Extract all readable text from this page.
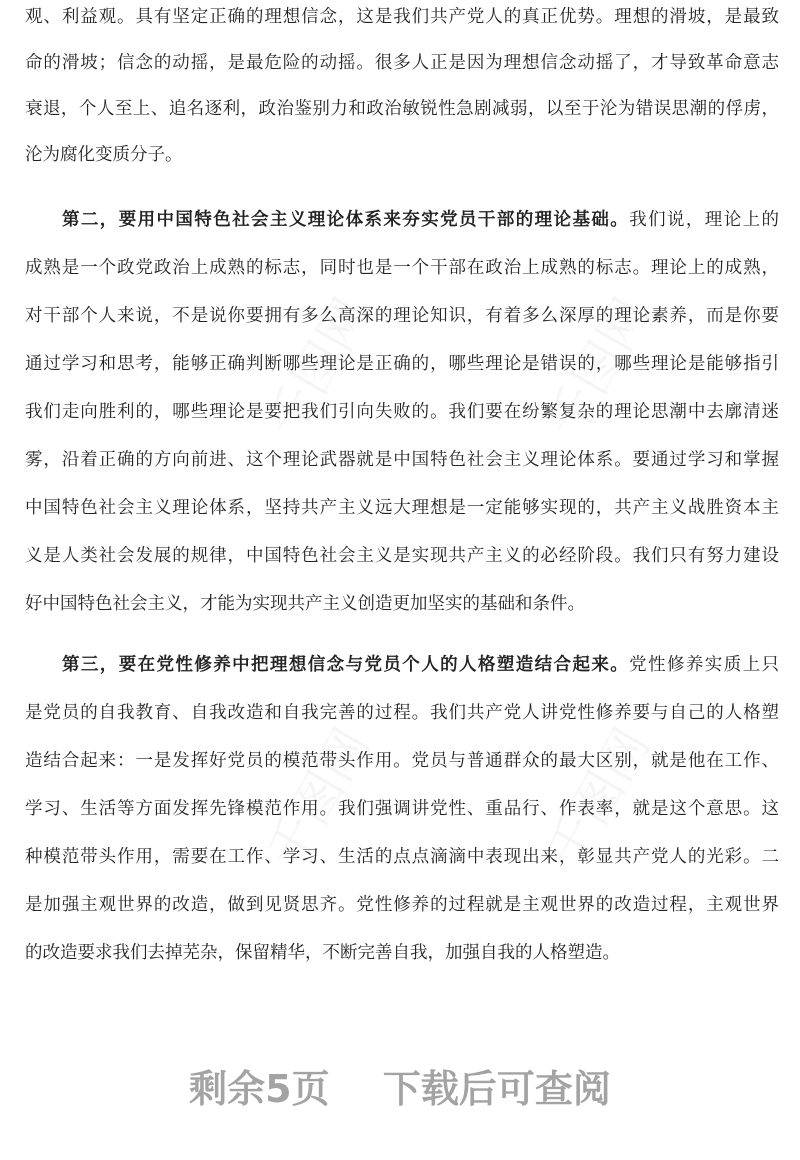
观、利益观。具有坚定正确的理想信念，这是我们共产党人的真正优势。理想的滑坡，是最致
命的滑坡；信念的动摇，是最危险的动摇。很多人正是因为理想信念动摇了，才导致革命意志
衰退，个人至上、追名逐利，政治鉴别力和政治敏锐性急剧减弱，以至于沦为错误思潮的俘虏，
沦为腐化变质分子。
第二，要用中国特色社会主义理论体系来夯实党员干部的理论基础。我们说，理论上的
成熟是一个政党政治上成熟的标志，同时也是一个干部在政治上成熟的标志。理论上的成熟，
对干部个人来说，不是说你要拥有多么高深的理论知识，有着多么深厚的理论素养，而是你要
通过学习和思考，能够正确判断哪些理论是正确的，哪些理论是错误的，哪些理论是能够指引
我们走向胜利的，哪些理论是要把我们引向失败的。我们要在纷繁复杂的理论思潮中去廓清迷
雾，沿着正确的方向前进、这个理论武器就是中国特色社会主义理论体系。要通过学习和掌握
中国特色社会主义理论体系，坚持共产主义远大理想是一定能够实现的，共产主义战胜资本主
义是人类社会发展的规律，中国特色社会主义是实现共产主义的必经阶段。我们只有努力建设
好中国特色社会主义，才能为实现共产主义创造更加坚实的基础和条件。
第三，要在党性修养中把理想信念与党员个人的人格塑造结合起来。党性修养实质上只
是党员的自我教育、自我改造和自我完善的过程。我们共产党人讲党性修养要与自己的人格塑
造结合起来：一是发挥好党员的模范带头作用。党员与普通群众的最大区别，就是他在工作、
学习、生活等方面发挥先锋模范作用。我们强调讲党性、重品行、作表率，就是这个意思。这
种模范带头作用，需要在工作、学习、生活的点点滴滴中表现出来，彰显共产党人的光彩。二
是加强主观世界的改造，做到见贤思齐。党性修养的过程就是主观世界的改造过程，主观世界
的改造要求我们去掉芜杂，保留精华，不断完善自我，加强自我的人格塑造。
剩余5页 下载后可查阅
